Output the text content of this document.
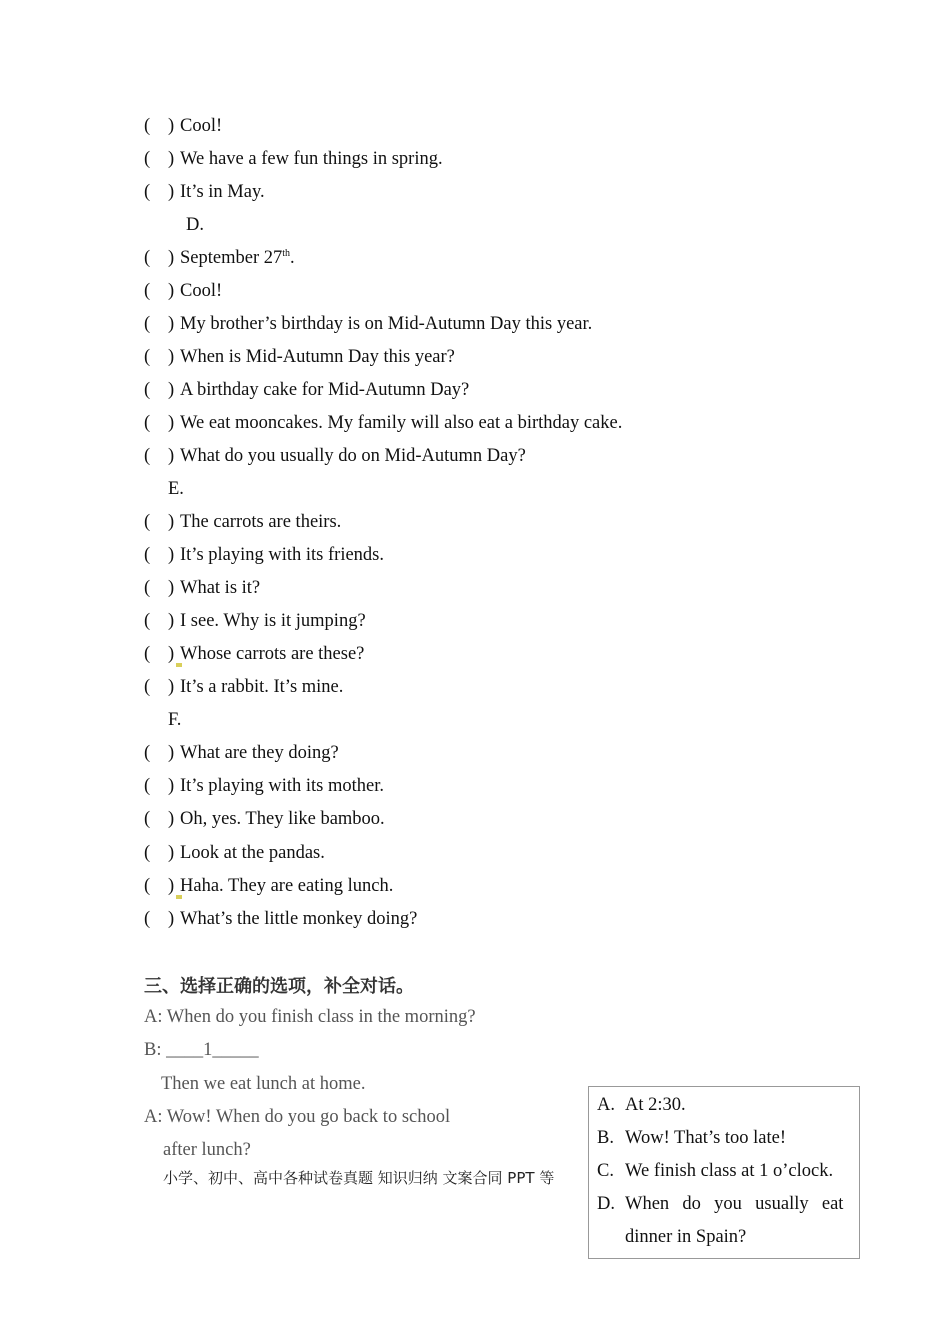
( ) Cool!
( ) We have a few fun things in spring.
( ) It’s in May.
D.
( ) September 27th.
( ) Cool!
( ) My brother’s birthday is on Mid-Autumn Day this year.
( ) When is Mid-Autumn Day this year?
( ) A birthday cake for Mid-Autumn Day?
( ) We eat mooncakes. My family will also eat a birthday cake.
( ) What do you usually do on Mid-Autumn Day?
E.
( ) The carrots are theirs.
( ) It’s playing with its friends.
( ) What is it?
( ) I see. Why is it jumping?
( ) Whose carrots are these?
( ) It’s a rabbit. It’s mine.
F.
( ) What are they doing?
( ) It’s playing with its mother.
( ) Oh, yes. They like bamboo.
( ) Look at the pandas.
( ) Haha. They are eating lunch.
( ) What’s the little monkey doing?
三、选择正确的选项，补全对话。
A: When do you finish class in the morning?
B: ____1_____
Then we eat lunch at home.
A: Wow! When do you go back to school
after lunch?
小学、初中、高中各种试卷真题 知识归纳 文案合同 PPT 等
A. At 2:30.
B. Wow! That’s too late!
C. We finish class at 1 o’clock.
D. When  do  you  usually  eat
dinner in Spain?
